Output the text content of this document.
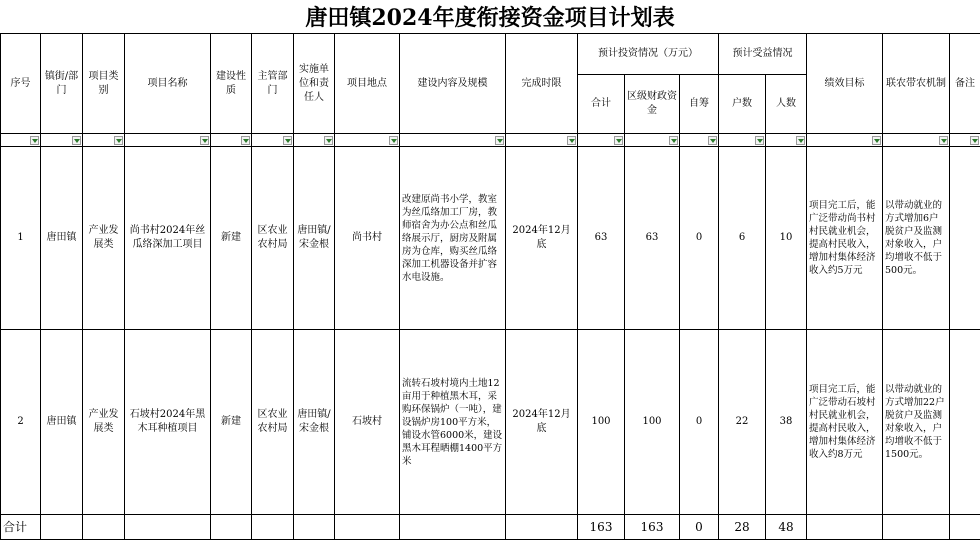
唐田镇2024年度衔接资金项目计划表
序号	镇街/部门	项目类别	项目名称	建设性质	主管部门	实施单位和责任人	项目地点	建设内容及规模	完成时限	预计投资情况（万元）			预计受益情况		绩效目标	联农带农机制	备注
										合计	区级财政资金	自筹	户数	人数			

1	唐田镇	产业发展类	尚书村2024年丝瓜络深加工项目	新建	区农业农村局	唐田镇/宋金根	尚书村	改建原尚书小学，教室为丝瓜络加工厂房，教师宿舍为办公点和丝瓜络展示厅，厨房及附属房为仓库，购买丝瓜络深加工机器设备并扩容水电设施。	2024年12月底	63	63	0	6	10	项目完工后，能广泛带动尚书村村民就业机会，提高村民收入，增加村集体经济收入约5万元	以带动就业的方式增加6户脱贫户及监测对象收入，户均增收不低于500元。	
2	唐田镇	产业发展类	石坡村2024年黑木耳种植项目	新建	区农业农村局	唐田镇/宋金根	石坡村	流转石坡村境内土地12亩用于种植黑木耳，采购环保锅炉（一吨），建设锅炉房100平方米，铺设水管6000米，建设黑木耳程晒棚1400平方米	2024年12月底	100	100	0	22	38	项目完工后，能广泛带动石坡村村民就业机会，提高村民收入，增加村集体经济收入约8万元	以带动就业的方式增加22户脱贫户及监测对象收入，户均增收不低于1500元。	
合计										163	163	0	28	48			
